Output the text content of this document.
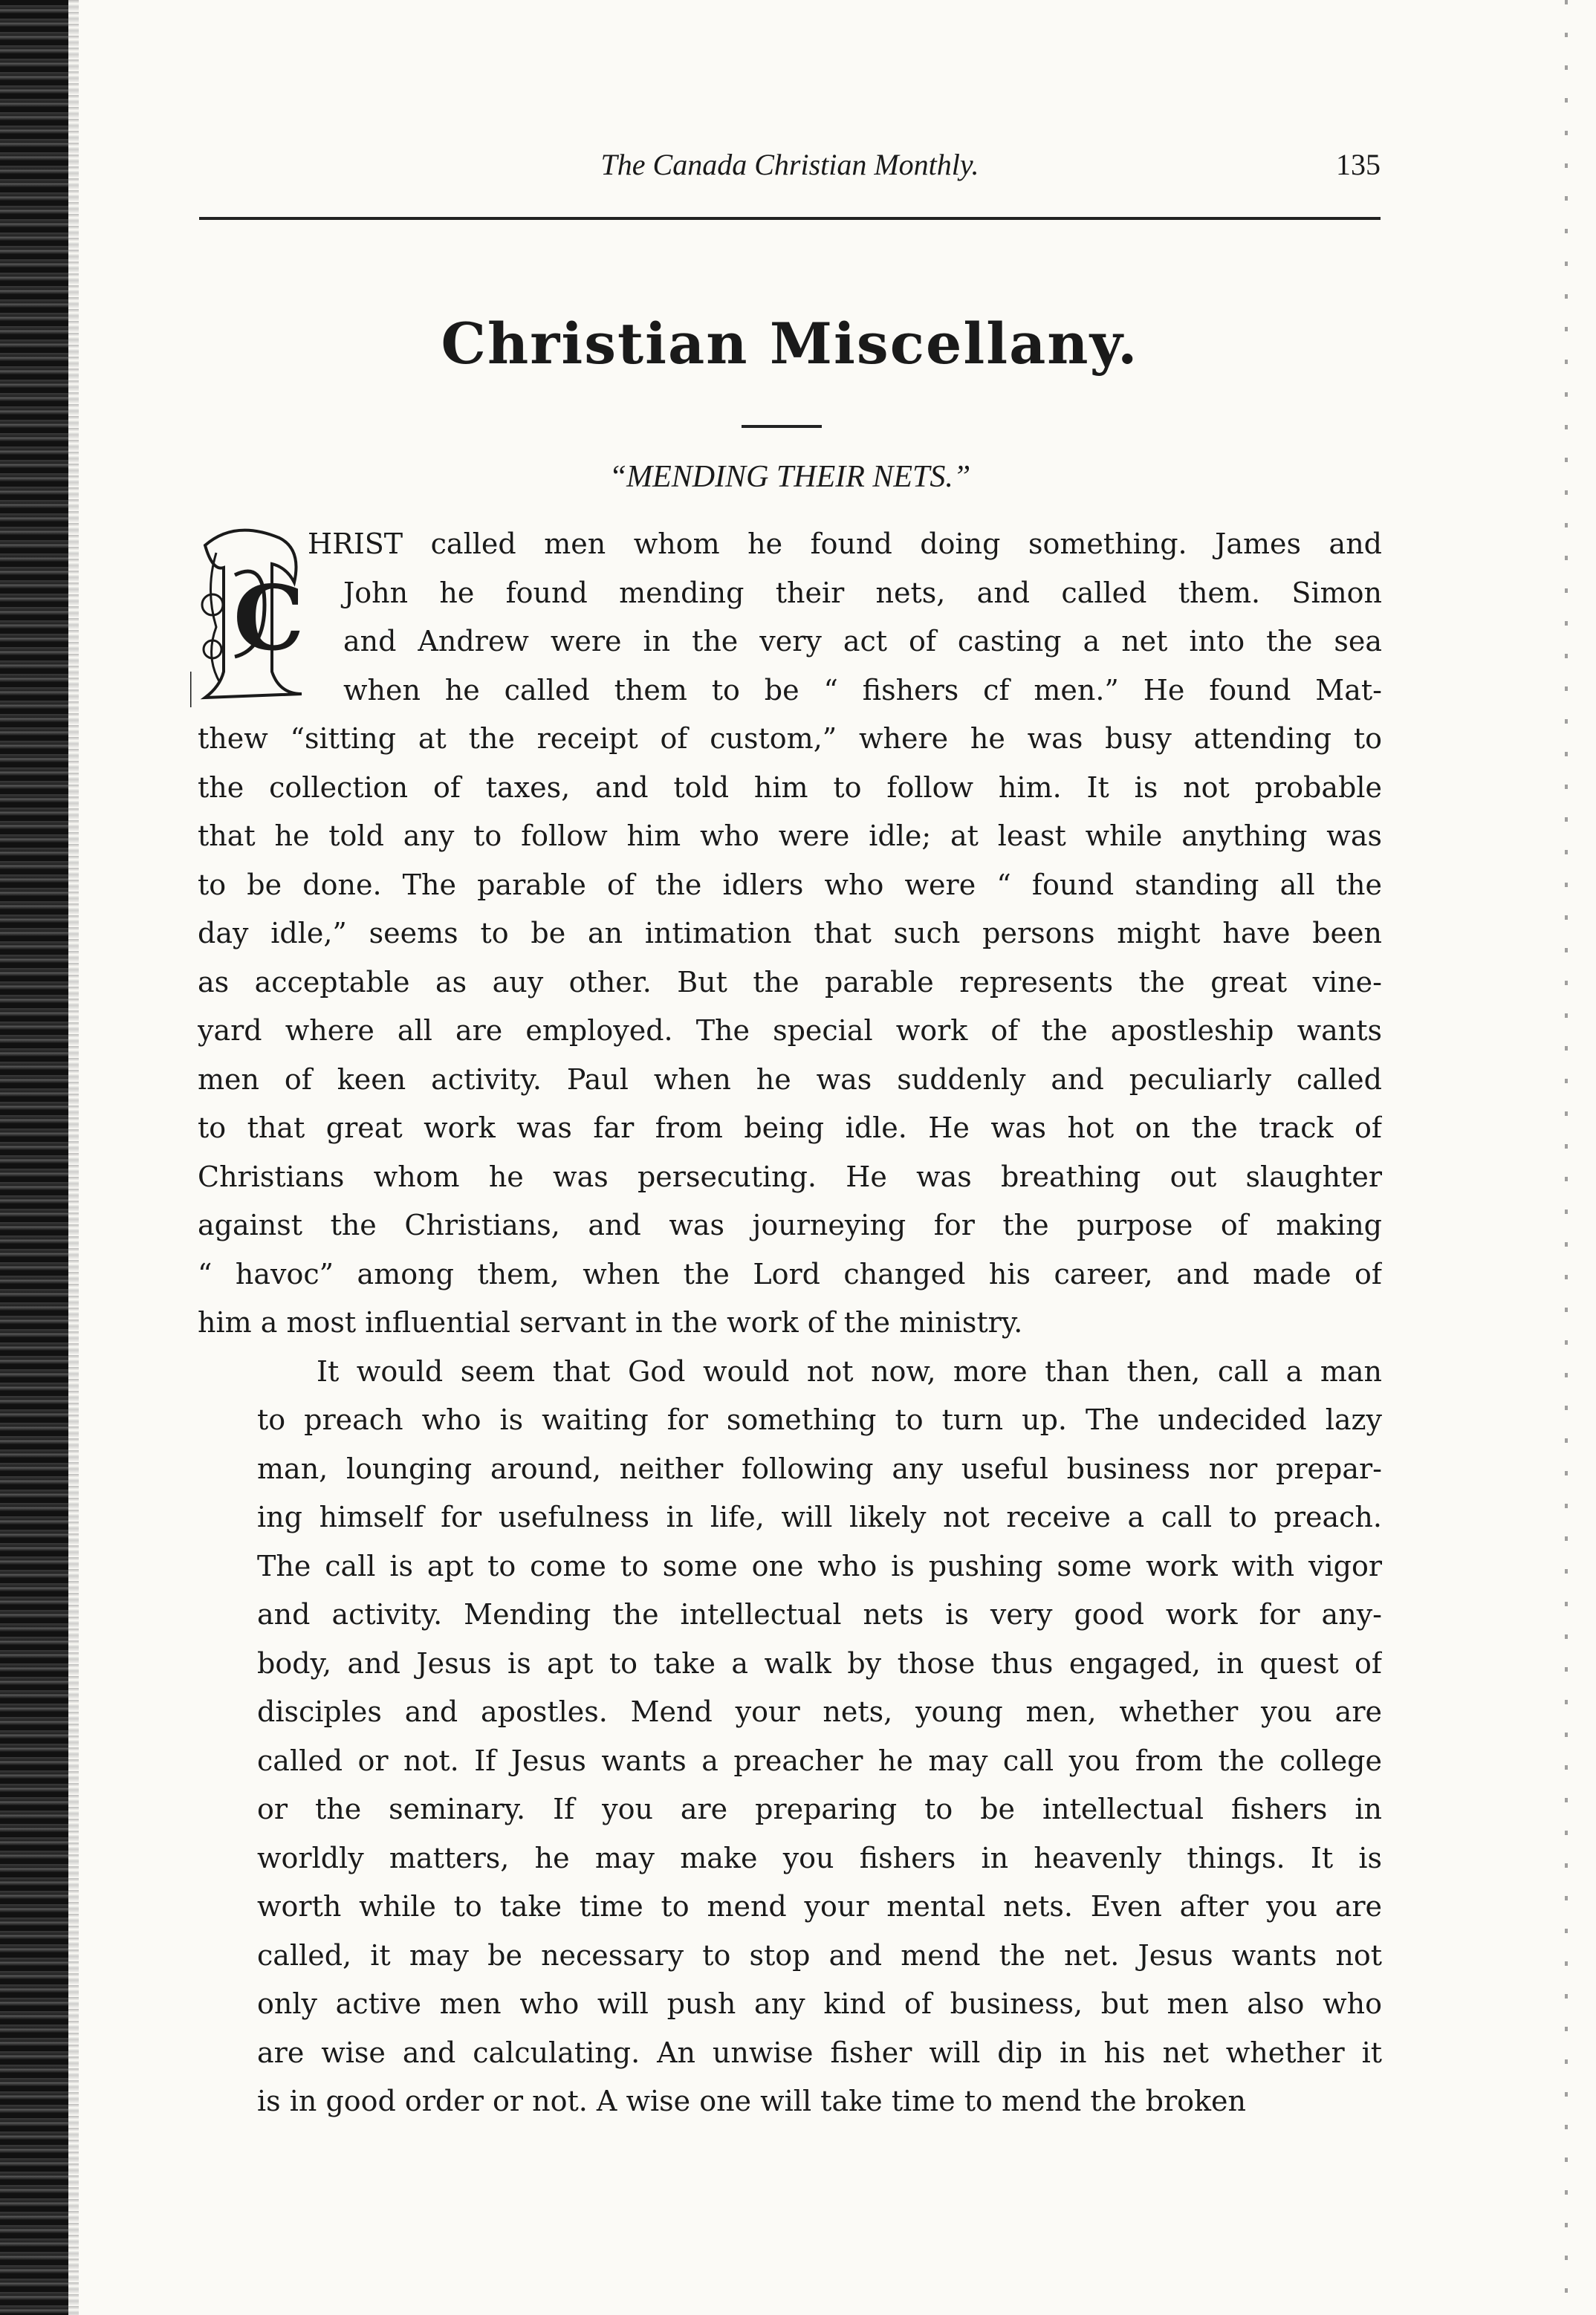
The Canada Christian Monthly.	135
Christian Miscellany.
“MENDING THEIR NETS.”
C

HRIST called men whom he found doing something. James and
John he found mending their nets, and called them. Simon
and Andrew were in the very act of casting a net into the sea
when he called them to be “ fishers cf men.” He found Mat-
thew “sitting at the receipt of custom,” where he was busy attending to
the collection of taxes, and told him to follow him. It is not probable
that he told any to follow him who were idle; at least while anything was
to be done. The parable of the idlers who were “ found standing all the
day idle,” seems to be an intimation that such persons might have been
as acceptable as auy other. But the parable represents the great vine-
yard where all are employed. The special work of the apostleship wants
men of keen activity. Paul when he was suddenly and peculiarly called
to that great work was far from being idle. He was hot on the track of
Christians whom he was persecuting. He was breathing out slaughter
against the Christians, and was journeying for the purpose of making
“ havoc” among them, when the Lord changed his career, and made of
him a most influential servant in the work of the ministry.

It would seem that God would not now, more than then, call a man
to preach who is waiting for something to turn up. The undecided lazy
man, lounging around, neither following any useful business nor prepar-
ing himself for usefulness in life, will likely not receive a call to preach.
The call is apt to come to some one who is pushing some work with vigor
and activity. Mending the intellectual nets is very good work for any-
body, and Jesus is apt to take a walk by those thus engaged, in quest of
disciples and apostles. Mend your nets, young men, whether you are
called or not. If Jesus wants a preacher he may call you from the college
or the seminary. If you are preparing to be intellectual fishers in
worldly matters, he may make you fishers in heavenly things. It is
worth while to take time to mend your mental nets. Even after you are
called, it may be necessary to stop and mend the net. Jesus wants not
only active men who will push any kind of business, but men also who
are wise and calculating. An unwise fisher will dip in his net whether it
is in good order or not. A wise one will take time to mend the broken
